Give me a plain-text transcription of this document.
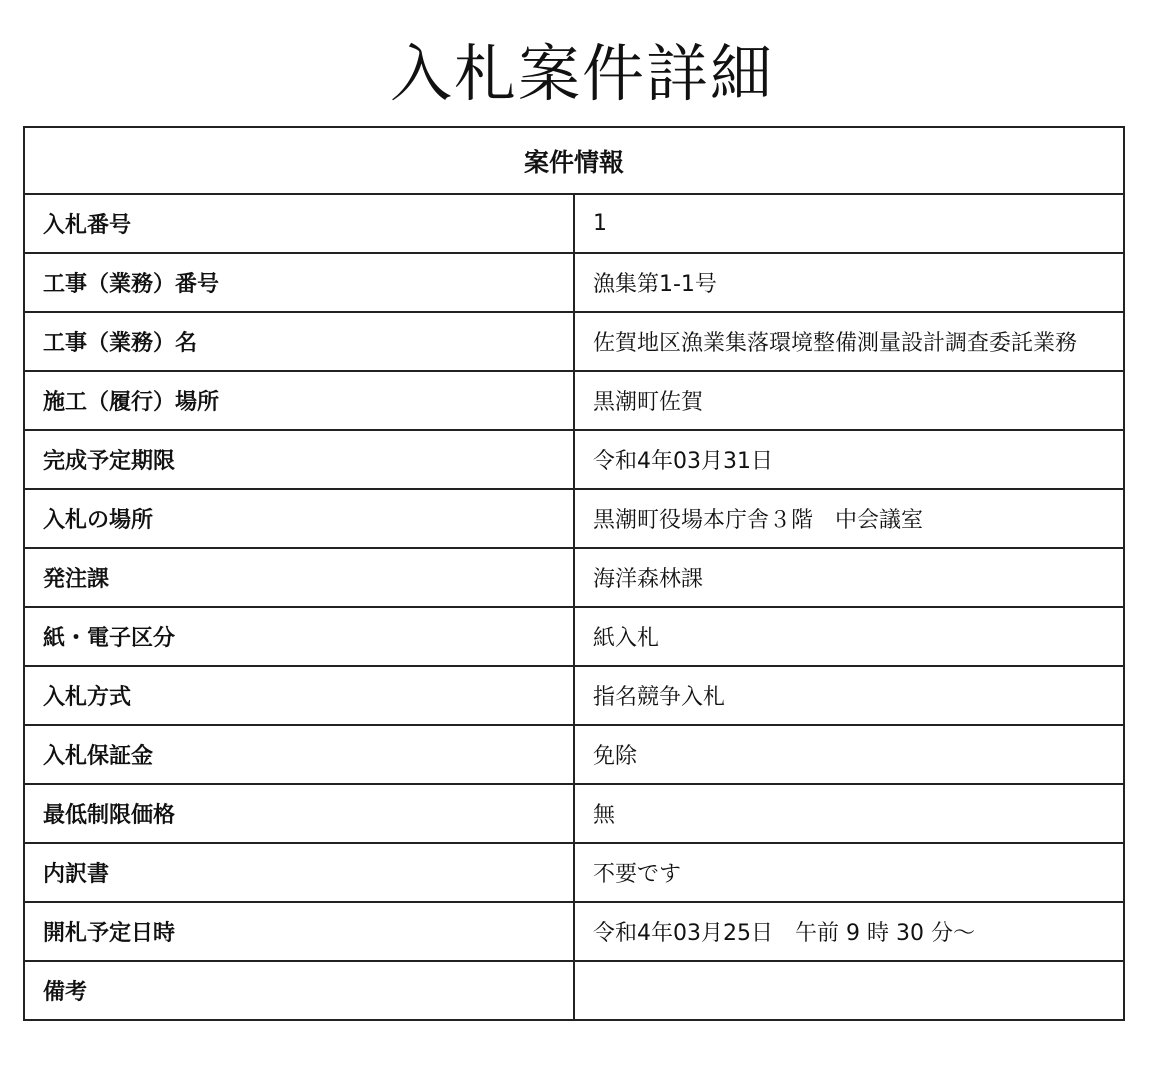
入札案件詳細
案件情報	
入札番号	1
工事（業務）番号	漁集第1-1号
工事（業務）名	佐賀地区漁業集落環境整備測量設計調査委託業務
施工（履行）場所	黒潮町佐賀
完成予定期限	令和4年03月31日
入札の場所	黒潮町役場本庁舎３階　中会議室
発注課	海洋森林課
紙・電子区分	紙入札
入札方式	指名競争入札
入札保証金	免除
最低制限価格	無
内訳書	不要です
開札予定日時	令和4年03月25日　午前 9 時 30 分～
備考	
